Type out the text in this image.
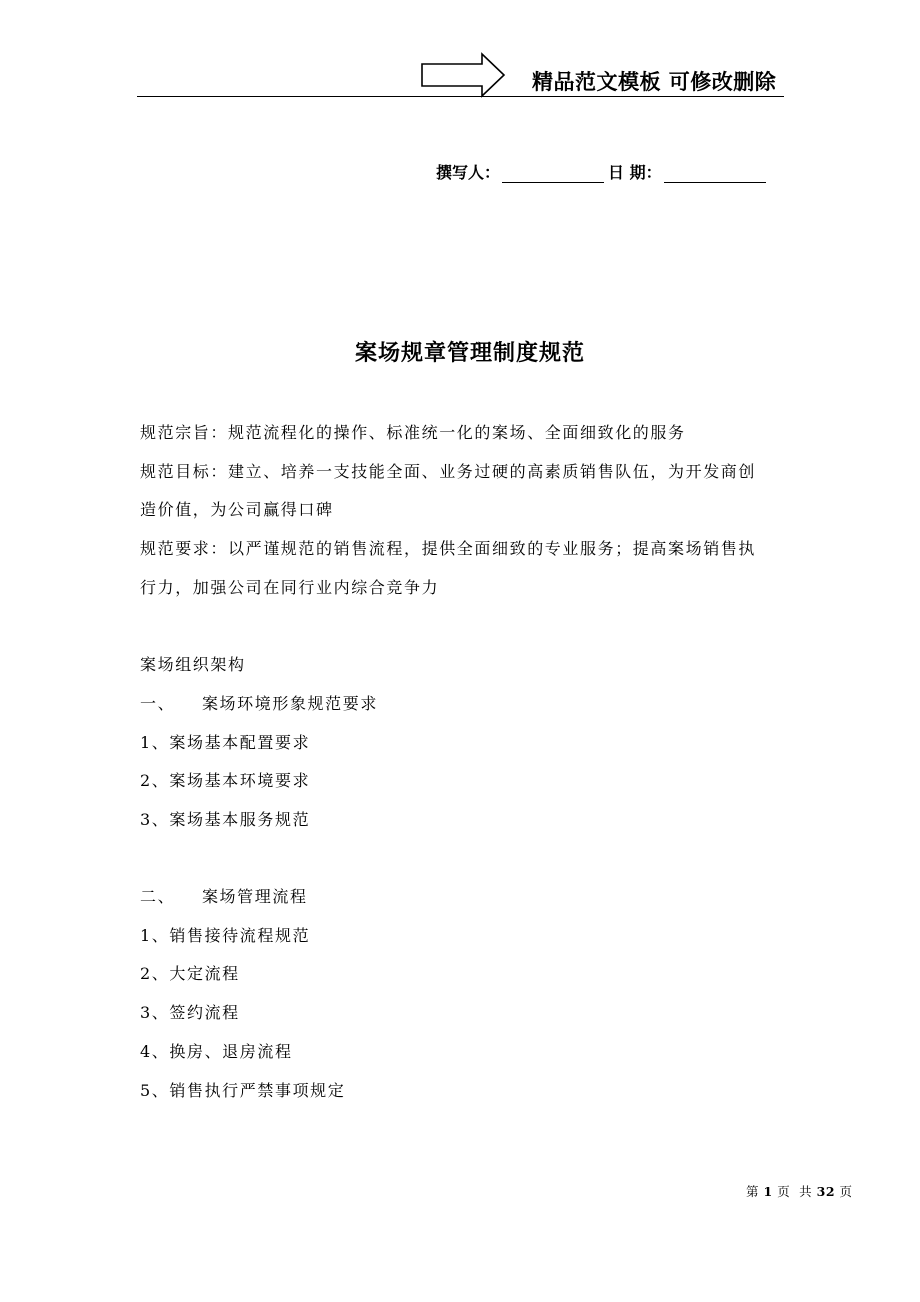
精品范文模板 可修改删除
撰写人：	日 期：
案场规章管理制度规范
规范宗旨：规范流程化的操作、标准统一化的案场、全面细致化的服务
规范目标：建立、培养一支技能全面、业务过硬的高素质销售队伍，为开发商创
造价值，为公司赢得口碑
规范要求：以严谨规范的销售流程，提供全面细致的专业服务；提高案场销售执
行力，加强公司在同行业内综合竞争力
案场组织架构
一、    案场环境形象规范要求
1、案场基本配置要求
2、案场基本环境要求
3、案场基本服务规范
二、    案场管理流程
1、销售接待流程规范
2、大定流程
3、签约流程
4、换房、退房流程
5、销售执行严禁事项规定
第 1 页  共 32 页
